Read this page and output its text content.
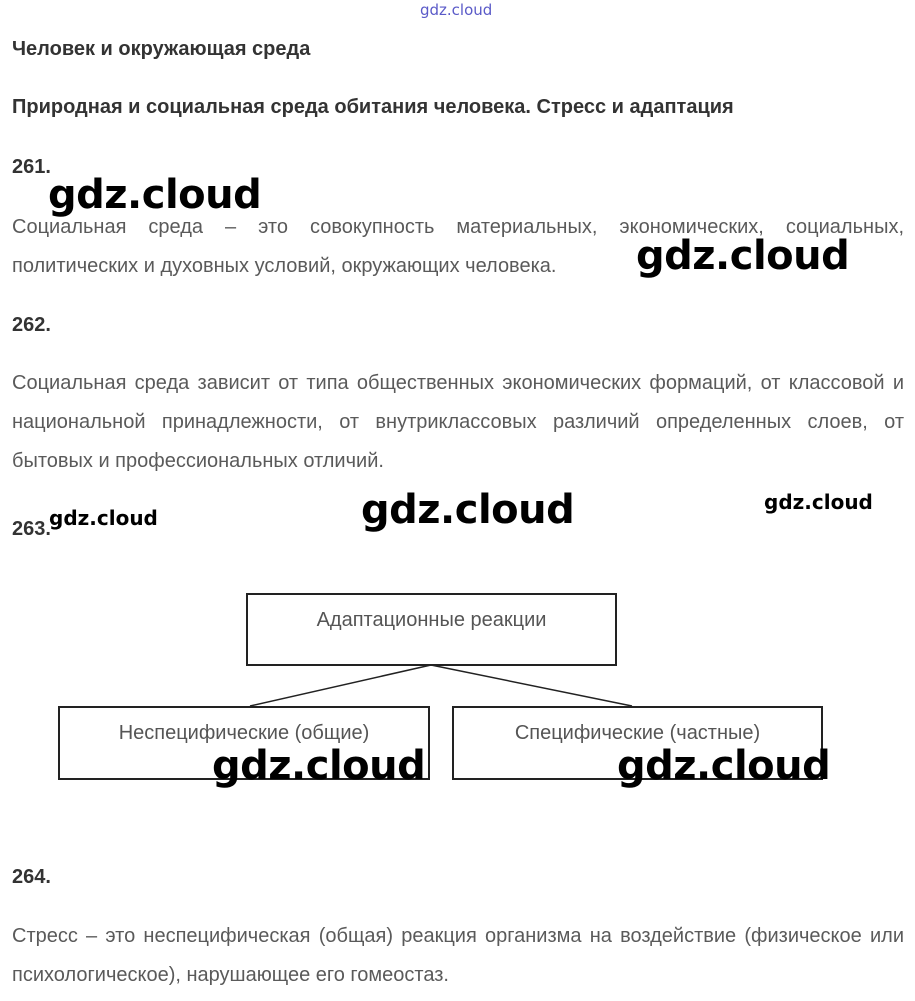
gdz.cloud
Человек и окружающая среда
Природная и социальная среда обитания человека. Стресс и адаптация
261.
Социальная среда – это совокупность материальных, экономических, социальных, политических и духовных условий, окружающих человека.
262.
Социальная среда зависит от типа общественных экономических формаций, от классовой и национальной принадлежности, от внутриклассовых различий определенных слоев, от бытовых и профессиональных отличий.
263.
Адаптационные реакции
Неспецифические (общие)	Специфические (частные)
264.
Стресс – это неспецифическая (общая) реакция организма на воздействие (физическое или психологическое), нарушающее его гомеостаз.
gdz.cloud
gdz.cloud
gdz.cloud	gdz.cloud	gdz.cloud
gdz.cloud	gdz.cloud
